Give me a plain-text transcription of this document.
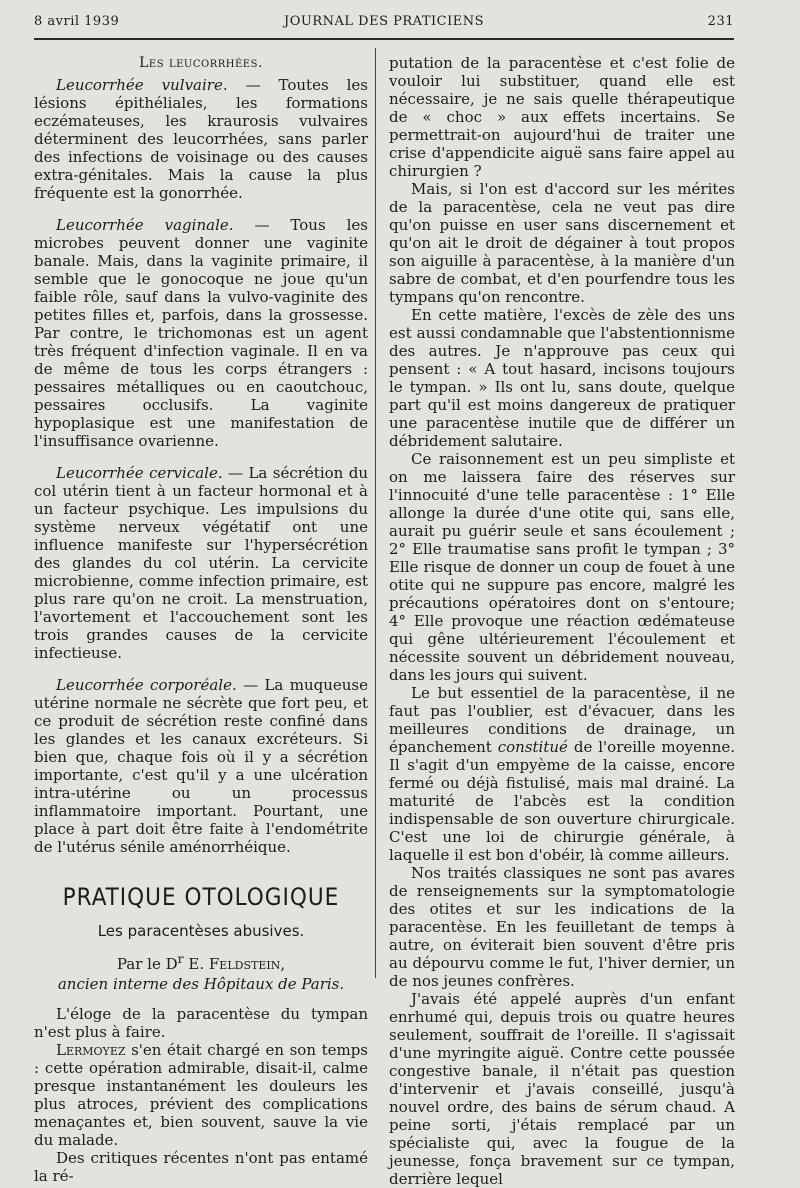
8 avril 1939	JOURNAL DES PRATICIENS	231

Les leucorrhées.

Leucorrhée vulvaire. — Toutes les lésions épithéliales, les formations eczémateuses, les kraurosis vulvaires déterminent des leucorrhées, sans parler des infections de voisinage ou des causes extra-génitales. Mais la cause la plus fréquente est la gonorrhée.

Leucorrhée vaginale. — Tous les microbes peuvent donner une vaginite banale. Mais, dans la vaginite primaire, il semble que le gonocoque ne joue qu'un faible rôle, sauf dans la vulvo-vaginite des petites filles et, parfois, dans la grossesse. Par contre, le trichomonas est un agent très fréquent d'infection vaginale. Il en va de même de tous les corps étrangers : pessaires métalliques ou en caoutchouc, pessaires occlusifs. La vaginite hypoplasique est une manifestation de l'insuffisance ovarienne.

Leucorrhée cervicale. — La sécrétion du col utérin tient à un facteur hormonal et à un facteur psychique. Les impulsions du système nerveux végétatif ont une influence manifeste sur l'hypersécrétion des glandes du col utérin. La cervicite microbienne, comme infection primaire, est plus rare qu'on ne croit. La menstruation, l'avortement et l'accouchement sont les trois grandes causes de la cervicite infectieuse.

Leucorrhée corporéale. — La muqueuse utérine normale ne sécrète que fort peu, et ce produit de sécrétion reste confiné dans les glandes et les canaux excréteurs. Si bien que, chaque fois où il y a sécrétion importante, c'est qu'il y a une ulcération intra-utérine ou un processus inflammatoire important. Pourtant, une place à part doit être faite à l'endométrite de l'utérus sénile aménorrhéique.

PRATIQUE OTOLOGIQUE
Les paracentèses abusives.
Par le $D^r$ E. Feldstein,
ancien interne des Hôpitaux de Paris.

L'éloge de la paracentèse du tympan n'est plus à faire.

Lermoyez s'en était chargé en son temps : cette opération admirable, disait-il, calme presque instantanément les douleurs les plus atroces, prévient des complications menaçantes et, bien souvent, sauve la vie du malade.

Des critiques récentes n'ont pas entamé la ré-

putation de la paracentèse et c'est folie de vouloir lui substituer, quand elle est nécessaire, je ne sais quelle thérapeutique de « choc » aux effets incertains. Se permettrait-on aujourd'hui de traiter une crise d'appendicite aiguë sans faire appel au chirurgien ?

Mais, si l'on est d'accord sur les mérites de la paracentèse, cela ne veut pas dire qu'on puisse en user sans discernement et qu'on ait le droit de dégainer à tout propos son aiguille à paracentèse, à la manière d'un sabre de combat, et d'en pourfendre tous les tympans qu'on rencontre.

En cette matière, l'excès de zèle des uns est aussi condamnable que l'abstentionnisme des autres. Je n'approuve pas ceux qui pensent : « A tout hasard, incisons toujours le tympan. » Ils ont lu, sans doute, quelque part qu'il est moins dangereux de pratiquer une paracentèse inutile que de différer un débridement salutaire.

Ce raisonnement est un peu simpliste et on me laissera faire des réserves sur l'innocuité d'une telle paracentèse : 1° Elle allonge la durée d'une otite qui, sans elle, aurait pu guérir seule et sans écoulement ; 2° Elle traumatise sans profit le tympan ; 3° Elle risque de donner un coup de fouet à une otite qui ne suppure pas encore, malgré les précautions opératoires dont on s'entoure; 4° Elle provoque une réaction œdémateuse qui gêne ultérieurement l'écoulement et nécessite souvent un débridement nouveau, dans les jours qui suivent.

Le but essentiel de la paracentèse, il ne faut pas l'oublier, est d'évacuer, dans les meilleures conditions de drainage, un épanchement constitué de l'oreille moyenne. Il s'agit d'un empyème de la caisse, encore fermé ou déjà fistulisé, mais mal drainé. La maturité de l'abcès est la condition indispensable de son ouverture chirurgicale. C'est une loi de chirurgie générale, à laquelle il est bon d'obéir, là comme ailleurs.

Nos traités classiques ne sont pas avares de renseignements sur la symptomatologie des otites et sur les indications de la paracentèse. En les feuilletant de temps à autre, on éviterait bien souvent d'être pris au dépourvu comme le fut, l'hiver dernier, un de nos jeunes confrères.

J'avais été appelé auprès d'un enfant enrhumé qui, depuis trois ou quatre heures seulement, souffrait de l'oreille. Il s'agissait d'une myringite aiguë. Contre cette poussée congestive banale, il n'était pas question d'intervenir et j'avais conseillé, jusqu'à nouvel ordre, des bains de sérum chaud. A peine sorti, j'étais remplacé par un spécialiste qui, avec la fougue de la jeunesse, fonça bravement sur ce tympan, derrière lequel
